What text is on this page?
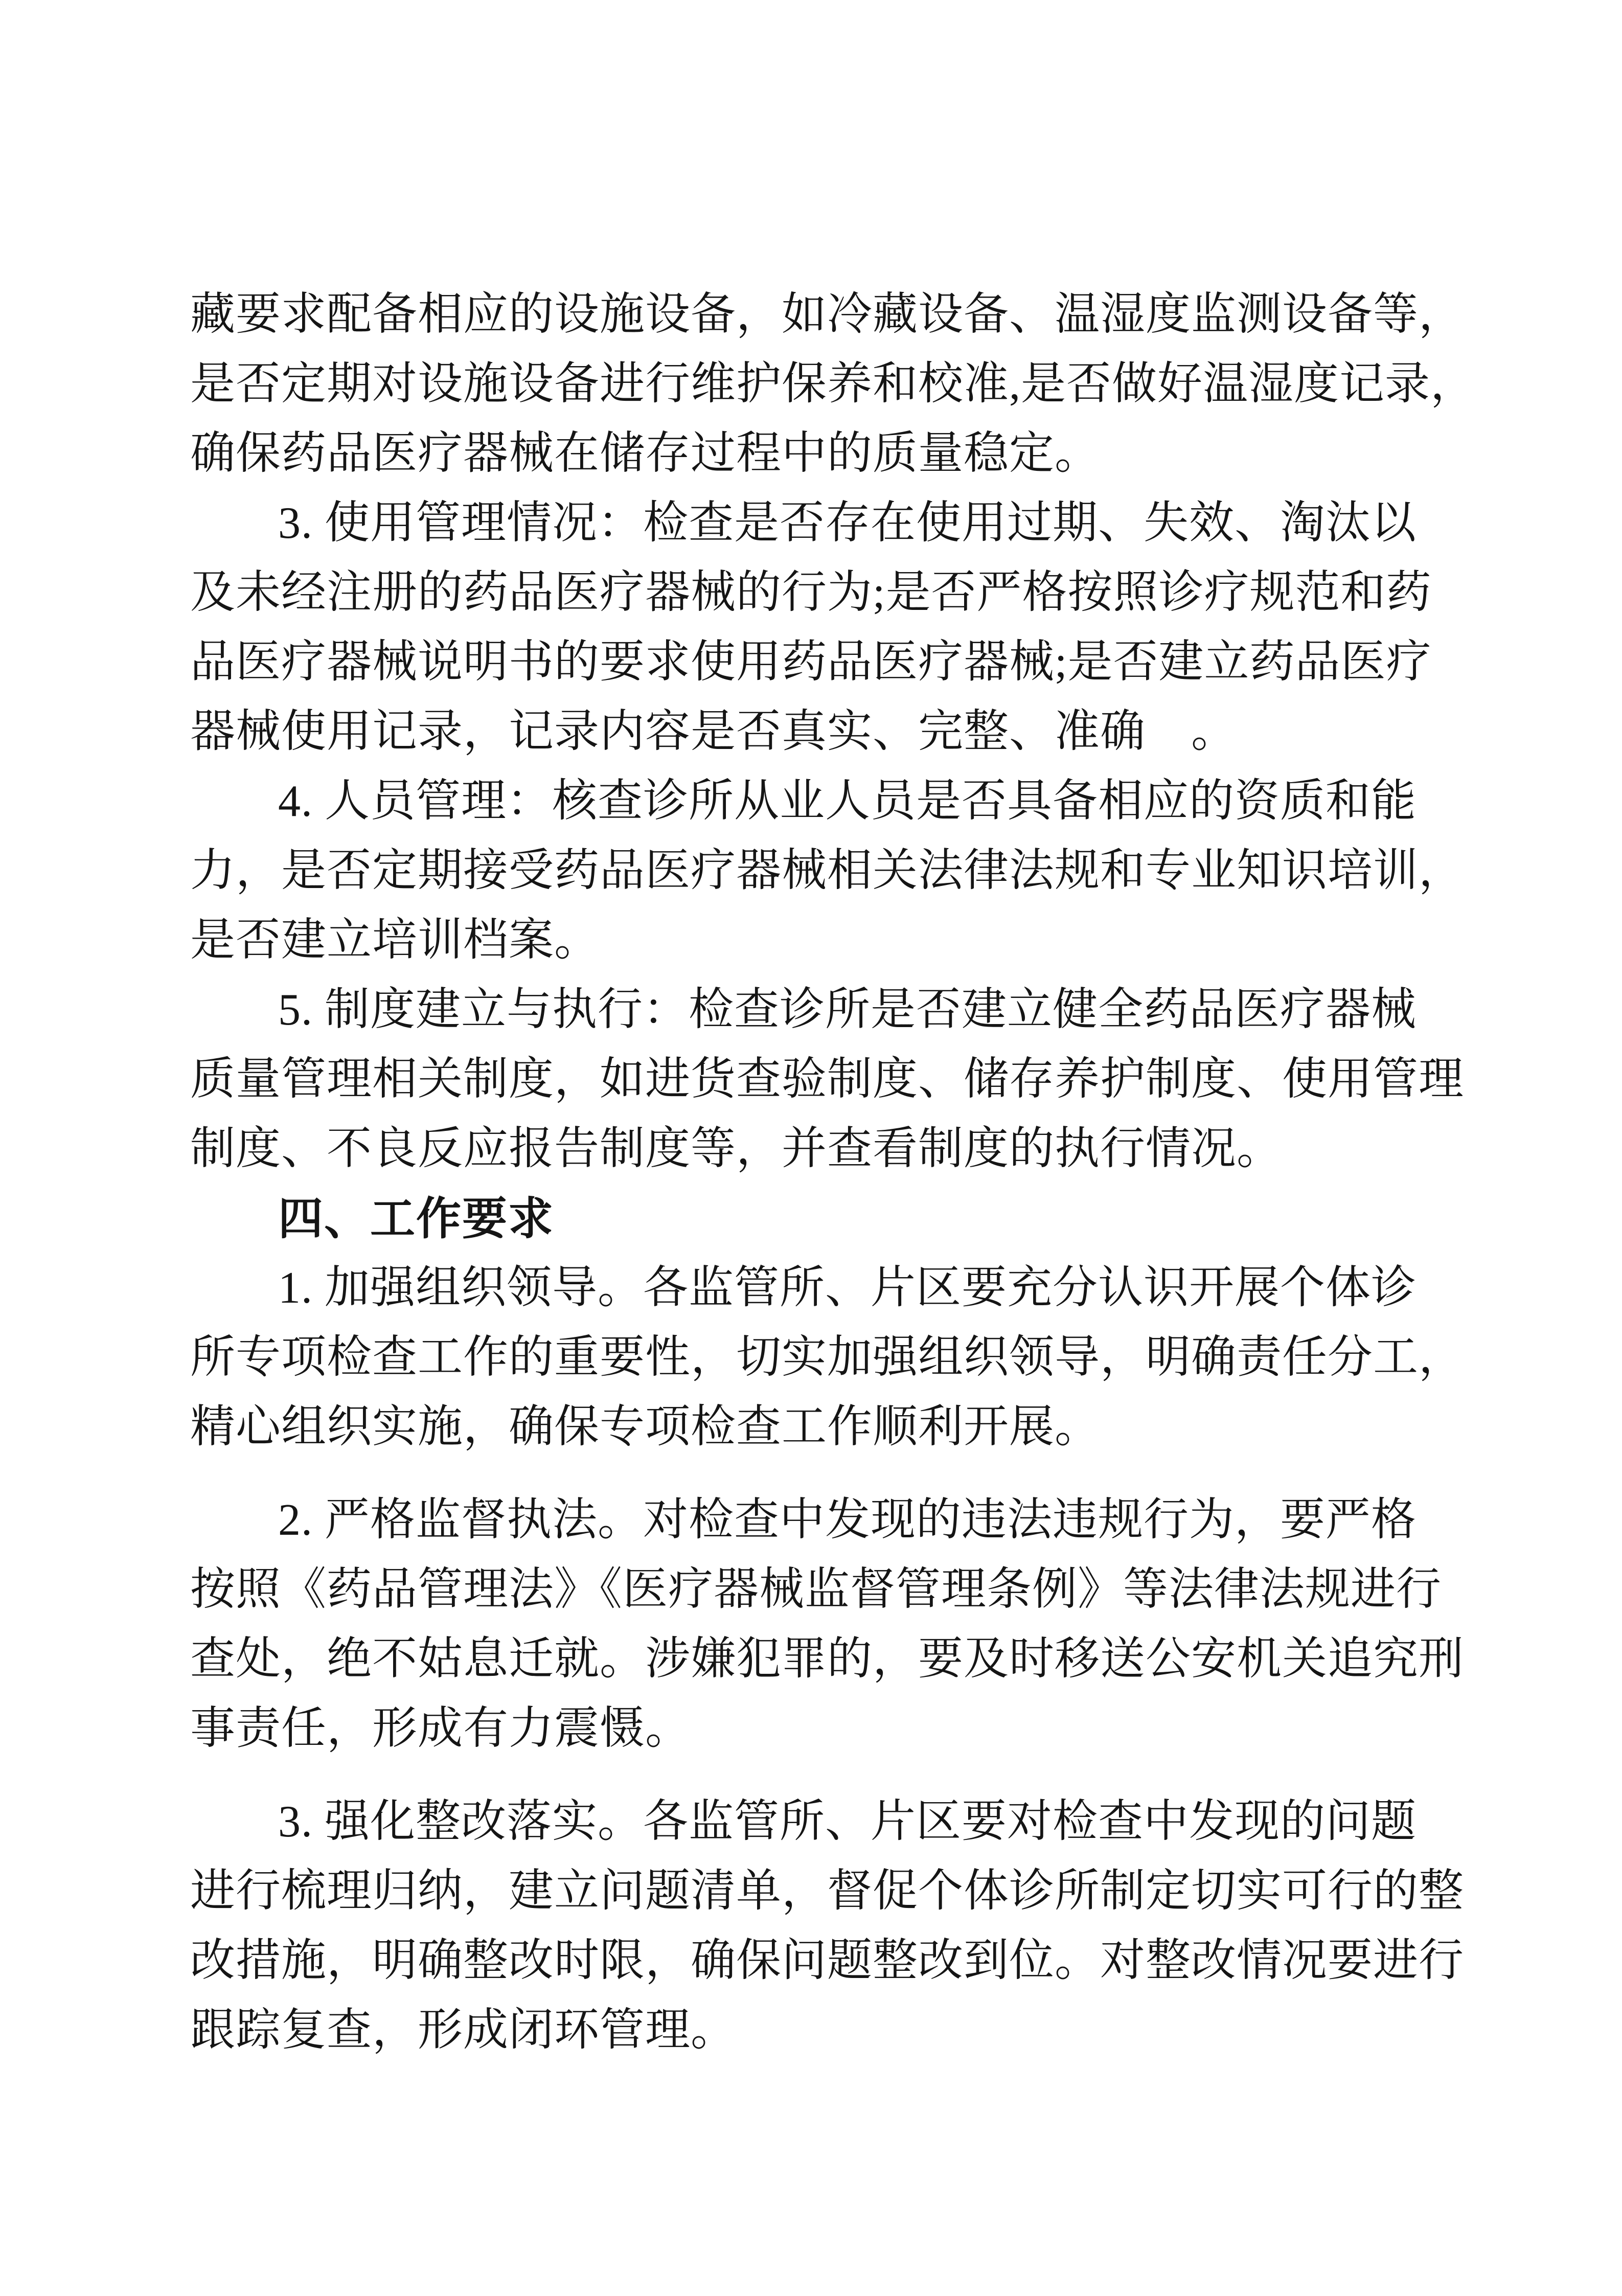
藏要求配备相应的设施设备，如冷藏设备、温湿度监测设备等，
是否定期对设施设备进行维护保养和校准,是否做好温湿度记录，
确保药品医疗器械在储存过程中的质量稳定。
3. 使用管理情况：检查是否存在使用过期、失效、淘汰以
及未经注册的药品医疗器械的行为;是否严格按照诊疗规范和药
品医疗器械说明书的要求使用药品医疗器械;是否建立药品医疗
器械使用记录，记录内容是否真实、完整、准确　。
4. 人员管理：核查诊所从业人员是否具备相应的资质和能
力，是否定期接受药品医疗器械相关法律法规和专业知识培训，
是否建立培训档案。
5. 制度建立与执行：检查诊所是否建立健全药品医疗器械
质量管理相关制度，如进货查验制度、储存养护制度、使用管理
制度、不良反应报告制度等，并查看制度的执行情况。
四、工作要求
1. 加强组织领导。各监管所、片区要充分认识开展个体诊
所专项检查工作的重要性，切实加强组织领导，明确责任分工，
精心组织实施，确保专项检查工作顺利开展。
2. 严格监督执法。对检查中发现的违法违规行为，要严格
按照《药品管理法》《医疗器械监督管理条例》等法律法规进行
查处，绝不姑息迁就。涉嫌犯罪的，要及时移送公安机关追究刑
事责任，形成有力震慑。
3. 强化整改落实。各监管所、片区要对检查中发现的问题
进行梳理归纳，建立问题清单，督促个体诊所制定切实可行的整
改措施，明确整改时限，确保问题整改到位。对整改情况要进行
跟踪复查，形成闭环管理。
